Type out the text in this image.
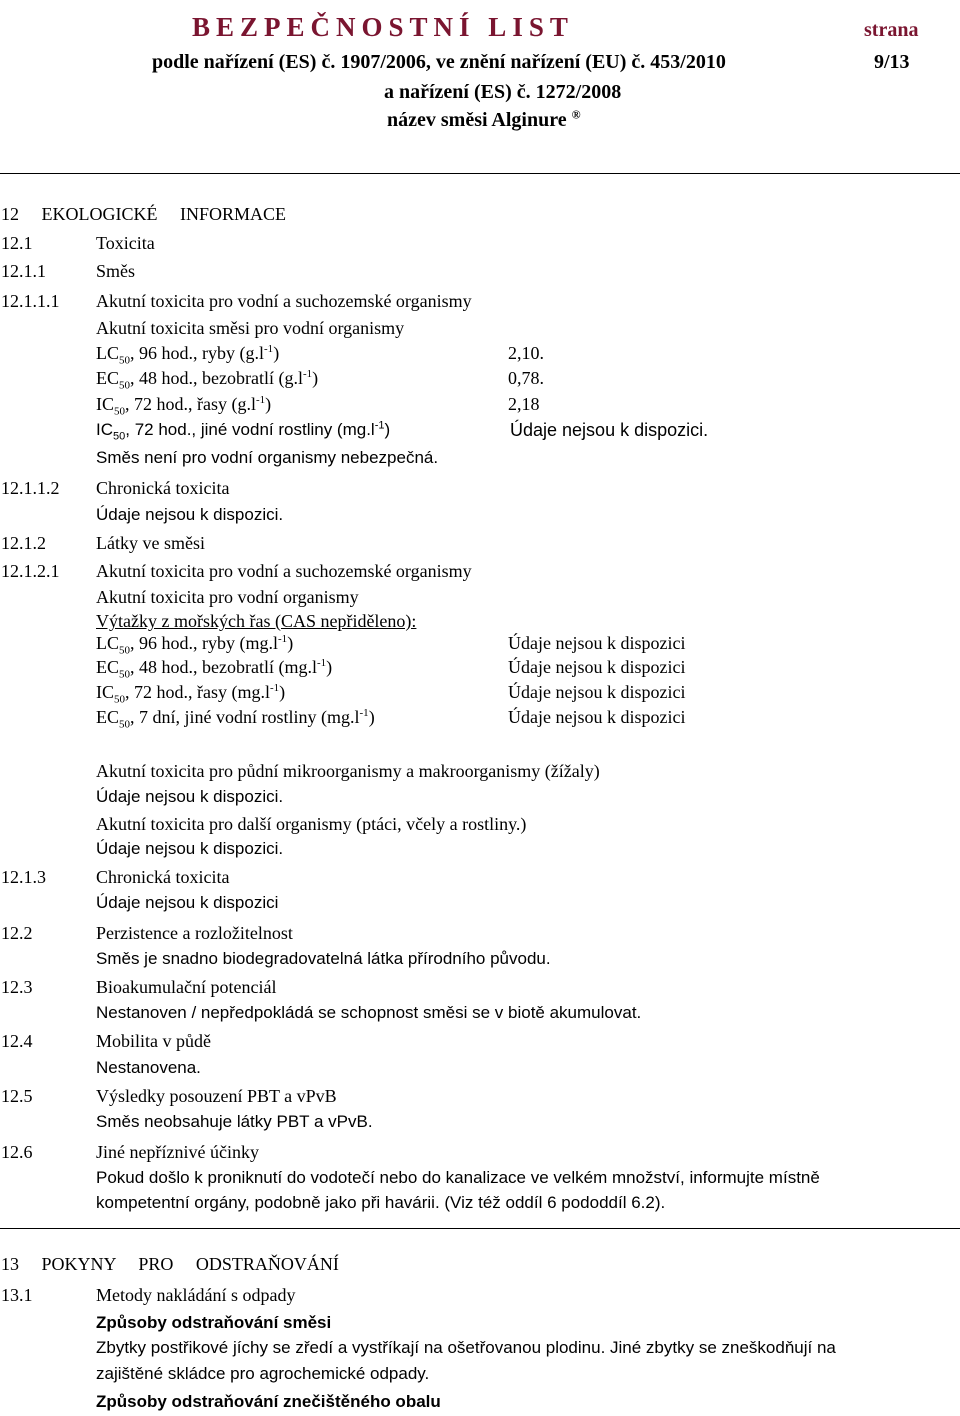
BEZPEČNOSTNÍ LIST	strana
podle nařízení (ES) č. 1907/2006, ve znění nařízení (EU) č. 453/2010	9/13
a nařízení (ES) č. 1272/2008
název směsi Alginure ®
12 EKOLOGICKÉ INFORMACE
12.1	Toxicita
12.1.1	Směs
12.1.1.1 Akutní toxicita pro vodní a suchozemské organismy
Akutní toxicita směsi pro vodní organismy
$LC_{50}$, 96 hod., ryby $(g.l^{-1})$	2,10.
$EC_{50}$, 48 hod., bezobratlí $(g.l^{-1})$	0,78.
$IC_{50}$, 72 hod., řasy $(g.l^{-1})$	2,18
$IC_{50}$, 72 hod., jiné vodní rostliny $(mg.l^{-1})$	Údaje nejsou k dispozici.
Směs není pro vodní organismy nebezpečná.
12.1.1.2 Chronická toxicita
Údaje nejsou k dispozici.
12.1.2	Látky ve směsi
12.1.2.1 Akutní toxicita pro vodní a suchozemské organismy
Akutní toxicita pro vodní organismy
Výtažky z mořských řas (CAS nepřiděleno):
$LC_{50}$, 96 hod., ryby $(mg.l^{-1})$	Údaje nejsou k dispozici
$EC_{50}$, 48 hod., bezobratlí $(mg.l^{-1})$	Údaje nejsou k dispozici
$IC_{50}$, 72 hod., řasy $(mg.l^{-1})$	Údaje nejsou k dispozici
$EC_{50}$, 7 dní, jiné vodní rostliny $(mg.l^{-1})$	Údaje nejsou k dispozici
Akutní toxicita pro půdní mikroorganismy a makroorganismy (žížaly)
Údaje nejsou k dispozici.
Akutní toxicita pro další organismy (ptáci, včely a rostliny.)
Údaje nejsou k dispozici.
12.1.3	Chronická toxicita
Údaje nejsou k dispozici
12.2	Perzistence a rozložitelnost
Směs je snadno biodegradovatelná látka přírodního původu.
12.3	Bioakumulační potenciál
Nestanoven / nepředpokládá se schopnost směsi se v biotě akumulovat.
12.4	Mobilita v půdě
Nestanovena.
12.5	Výsledky posouzení PBT a vPvB
Směs neobsahuje látky PBT a vPvB.
12.6	Jiné nepříznivé účinky
Pokud došlo k proniknutí do vodotečí nebo do kanalizace ve velkém množství, informujte místně
kompetentní orgány, podobně jako při havárii. (Viz též oddíl 6 pododdíl 6.2).
13 POKYNY PRO ODSTRAŇOVÁNÍ
13.1	Metody nakládání s odpady
Způsoby odstraňování směsi
Zbytky postřikové jíchy se zředí a vystříkají na ošetřovanou plodinu. Jiné zbytky se zneškodňují na
zajištěné skládce pro agrochemické odpady.
Způsoby odstraňování znečištěného obalu
